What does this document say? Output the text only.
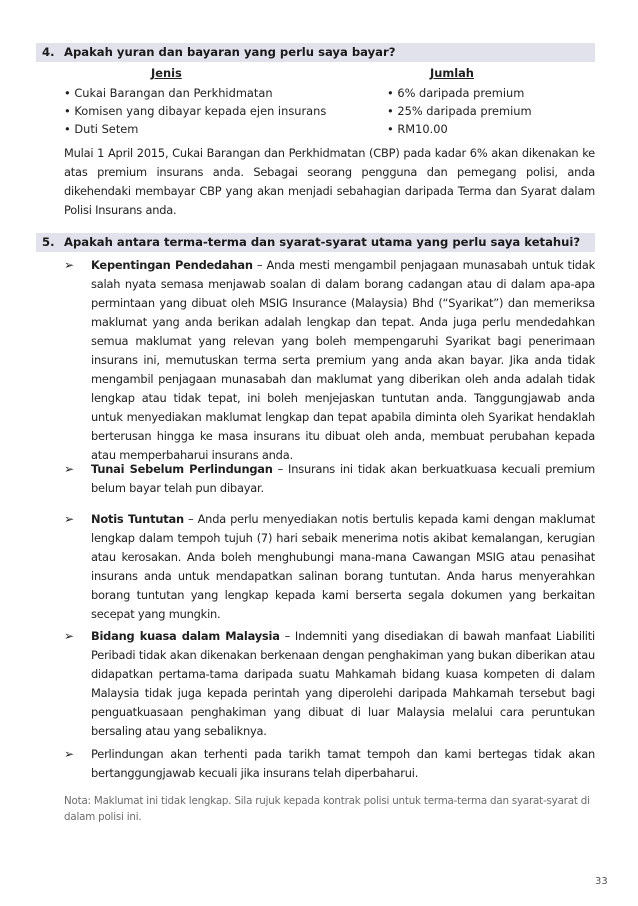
4. Apakah yuran dan bayaran yang perlu saya bayar?
Jenis	Jumlah
• Cukai Barangan dan Perkhidmatan
• Komisen yang dibayar kepada ejen insurans
• Duti Setem
• 6% daripada premium
• 25% daripada premium
• RM10.00
Mulai 1 April 2015, Cukai Barangan dan Perkhidmatan (CBP) pada kadar 6% akan dikenakan ke atas premium insurans anda. Sebagai seorang pengguna dan pemegang polisi, anda dikehendaki membayar CBP yang akan menjadi sebahagian daripada Terma dan Syarat dalam Polisi Insurans anda.
5. Apakah antara terma-terma dan syarat-syarat utama yang perlu saya ketahui?
➢ Kepentingan Pendedahan – Anda mesti mengambil penjagaan munasabah untuk tidak salah nyata semasa menjawab soalan di dalam borang cadangan atau di dalam apa-apa permintaan yang dibuat oleh MSIG Insurance (Malaysia) Bhd (“Syarikat”) dan memeriksa maklumat yang anda berikan adalah lengkap dan tepat. Anda juga perlu mendedahkan semua maklumat yang relevan yang boleh mempengaruhi Syarikat bagi penerimaan insurans ini, memutuskan terma serta premium yang anda akan bayar. Jika anda tidak mengambil penjagaan munasabah dan maklumat yang diberikan oleh anda adalah tidak lengkap atau tidak tepat, ini boleh menjejaskan tuntutan anda. Tanggungjawab anda untuk menyediakan maklumat lengkap dan tepat apabila diminta oleh Syarikat hendaklah berterusan hingga ke masa insurans itu dibuat oleh anda, membuat perubahan kepada atau memperbaharui insurans anda.
➢ Tunai Sebelum Perlindungan – Insurans ini tidak akan berkuatkuasa kecuali premium belum bayar telah pun dibayar.
➢ Notis Tuntutan – Anda perlu menyediakan notis bertulis kepada kami dengan maklumat lengkap dalam tempoh tujuh (7) hari sebaik menerima notis akibat kemalangan, kerugian atau kerosakan. Anda boleh menghubungi mana-mana Cawangan MSIG atau penasihat insurans anda untuk mendapatkan salinan borang tuntutan. Anda harus menyerahkan borang tuntutan yang lengkap kepada kami berserta segala dokumen yang berkaitan secepat yang mungkin.
➢ Bidang kuasa dalam Malaysia – Indemniti yang disediakan di bawah manfaat Liabiliti Peribadi tidak akan dikenakan berkenaan dengan penghakiman yang bukan diberikan atau didapatkan pertama-tama daripada suatu Mahkamah bidang kuasa kompeten di dalam Malaysia tidak juga kepada perintah yang diperolehi daripada Mahkamah tersebut bagi penguatkuasaan penghakiman yang dibuat di luar Malaysia melalui cara peruntukan bersaling atau yang sebaliknya.
➢ Perlindungan akan terhenti pada tarikh tamat tempoh dan kami bertegas tidak akan bertanggungjawab kecuali jika insurans telah diperbaharui.
Nota: Maklumat ini tidak lengkap. Sila rujuk kepada kontrak polisi untuk terma-terma dan syarat-syarat di dalam polisi ini.
33
